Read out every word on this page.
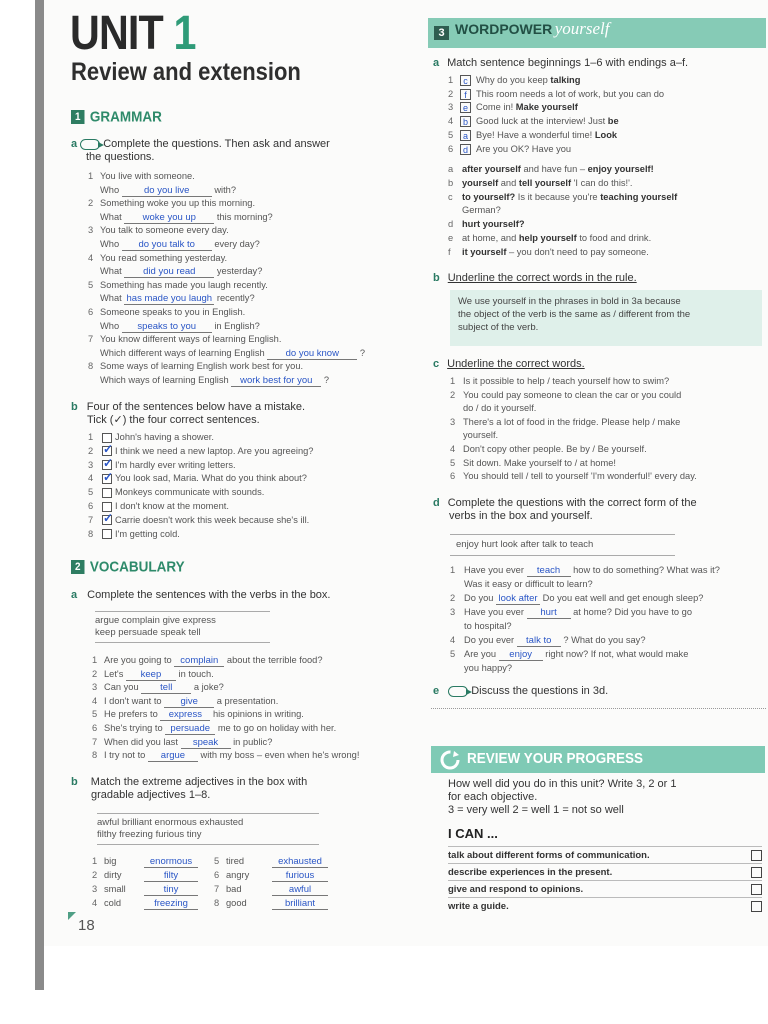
UNIT 1
Review and extension
1 GRAMMAR
a Complete the questions. Then ask and answer
the questions.
1 You live with someone.
Who	do you live	with?
2 Something woke you up this morning.
What woke you up this morning?
3 You talk to someone every day.
Who do you talk to every day?
4 You read something yesterday.
What did you read yesterday?
5 Something has made you laugh recently.
What has made you laugh recently?
6 Someone speaks to you in English.
Who speaks to you in English?
7 You know different ways of learning English.
Which different ways of learning English do you know ?
8 Some ways of learning English work best for you.
Which ways of learning English work best for you ?
b Four of the sentences below have a mistake.
Tick (✓) the four correct sentences.
1 John's having a shower.
2 ✓ I think we need a new laptop. Are you agreeing?
3 ✓ I'm hardly ever writing letters.
4 ✓ You look sad, Maria. What do you think about?
5 Monkeys communicate with sounds.
6 I don't know at the moment.
7 ✓ Carrie doesn't work this week because she's ill.
8 I'm getting cold.
2 VOCABULARY
a Complete the sentences with the verbs in the box.
argue complain give express
keep persuade speak tell
1 Are you going to complain about the terrible food?
2 Let's keep in touch.
3 Can you tell a joke?
4 I don't want to give a presentation.
5 He prefers to express his opinions in writing.
6 She's trying to persuade me to go on holiday with her.
7 When did you last speak in public?
8 I try not to argue with my boss – even when he's wrong!
b Match the extreme adjectives in the box with
gradable adjectives 1–8.
awful brilliant enormous exhausted
filthy freezing furious tiny
1 big	enormous 5 tired	exhausted
2 dirty	filty	6 angry	furious
3 small	tiny	7 bad	awful
4 cold	freezing	8 good	brilliant
18
3 WORDPOWER yourself
a Match sentence beginnings 1–6 with endings a–f.
1 c Why do you keep talking
2 f This room needs a lot of work, but you can do
3 e Come in! Make yourself
4 b Good luck at the interview! Just be
5 a Bye! Have a wonderful time! Look
6 d Are you OK? Have you
a after yourself and have fun – enjoy yourself!
b yourself and tell yourself 'I can do this!'.
c to yourself? Is it because you're teaching yourself
German?
d hurt yourself?
e at home, and help yourself to food and drink.
f it yourself – you don't need to pay someone.
b Underline the correct words in the rule.
We use yourself in the phrases in bold in 3a because
the object of the verb is the same as / different from the
subject of the verb.
c Underline the correct words.
1 Is it possible to help / teach yourself how to swim?
2 You could pay someone to clean the car or you could
do / do it yourself.
3 There's a lot of food in the fridge. Please help / make
yourself.
4 Don't copy other people. Be by / Be yourself.
5 Sit down. Make yourself to / at home!
6 You should tell / tell to yourself 'I'm wonderful!' every day.
d Complete the questions with the correct form of the
verbs in the box and yourself.
enjoy hurt look after talk to teach
1 Have you ever teach how to do something? What was it?
Was it easy or difficult to learn?
2 Do you look after Do you eat well and get enough sleep?
3 Have you ever hurt at home? Did you have to go
to hospital?
4 Do you ever talk to ? What do you say?
5 Are you enjoy right now? If not, what would make
you happy?
e	Discuss the questions in 3d.
REVIEW YOUR PROGRESS
How well did you do in this unit? Write 3, 2 or 1
for each objective.
3 = very well 2 = well 1 = not so well
I CAN ...
talk about different forms of communication.
describe experiences in the present.
give and respond to opinions.
write a guide.
